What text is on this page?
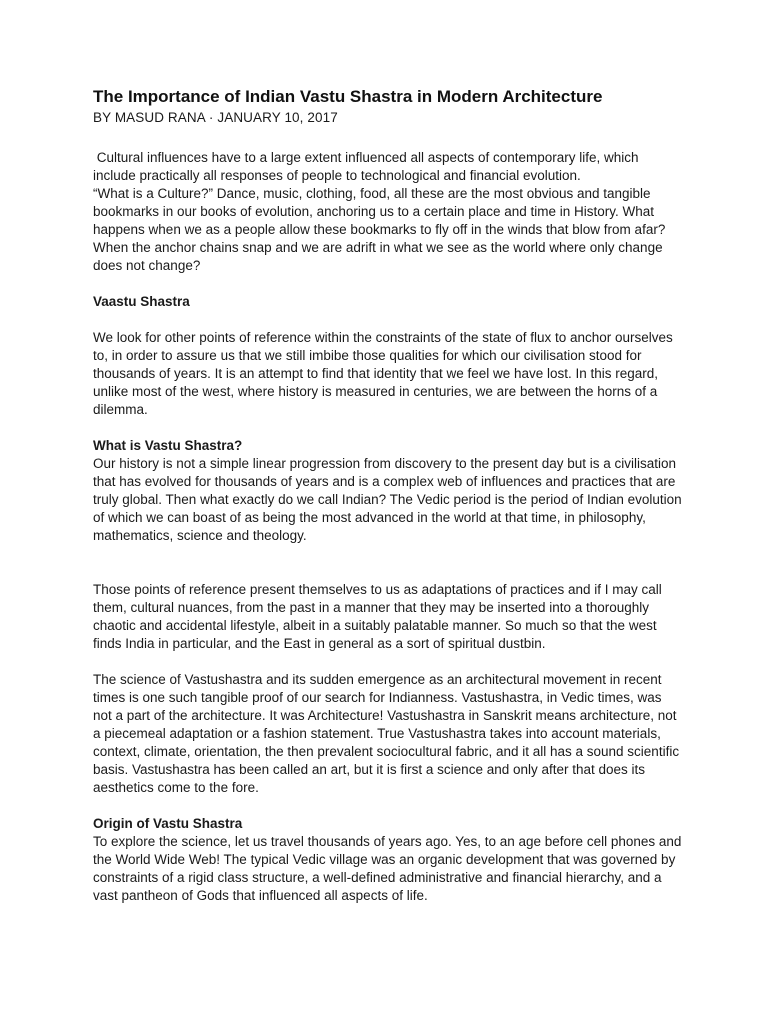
The Importance of Indian Vastu Shastra in Modern Architecture

BY MASUD RANA · JANUARY 10, 2017

Cultural influences have to a large extent influenced all aspects of contemporary life, which include practically all responses of people to technological and financial evolution.

“What is a Culture?” Dance, music, clothing, food, all these are the most obvious and tangible bookmarks in our books of evolution, anchoring us to a certain place and time in History. What happens when we as a people allow these bookmarks to fly off in the winds that blow from afar? When the anchor chains snap and we are adrift in what we see as the world where only change does not change?

Vaastu Shastra

We look for other points of reference within the constraints of the state of flux to anchor ourselves to, in order to assure us that we still imbibe those qualities for which our civilisation stood for thousands of years. It is an attempt to find that identity that we feel we have lost. In this regard, unlike most of the west, where history is measured in centuries, we are between the horns of a dilemma.

What is Vastu Shastra?

Our history is not a simple linear progression from discovery to the present day but is a civilisation that has evolved for thousands of years and is a complex web of influences and practices that are truly global. Then what exactly do we call Indian? The Vedic period is the period of Indian evolution of which we can boast of as being the most advanced in the world at that time, in philosophy, mathematics, science and theology.

Those points of reference present themselves to us as adaptations of practices and if I may call them, cultural nuances, from the past in a manner that they may be inserted into a thoroughly chaotic and accidental lifestyle, albeit in a suitably palatable manner. So much so that the west finds India in particular, and the East in general as a sort of spiritual dustbin.

The science of Vastushastra and its sudden emergence as an architectural movement in recent times is one such tangible proof of our search for Indianness. Vastushastra, in Vedic times, was not a part of the architecture. It was Architecture! Vastushastra in Sanskrit means architecture, not a piecemeal adaptation or a fashion statement. True Vastushastra takes into account materials, context, climate, orientation, the then prevalent sociocultural fabric, and it all has a sound scientific basis. Vastushastra has been called an art, but it is first a science and only after that does its aesthetics come to the fore.

Origin of Vastu Shastra

To explore the science, let us travel thousands of years ago. Yes, to an age before cell phones and the World Wide Web! The typical Vedic village was an organic development that was governed by constraints of a rigid class structure, a well-defined administrative and financial hierarchy, and a vast pantheon of Gods that influenced all aspects of life.
